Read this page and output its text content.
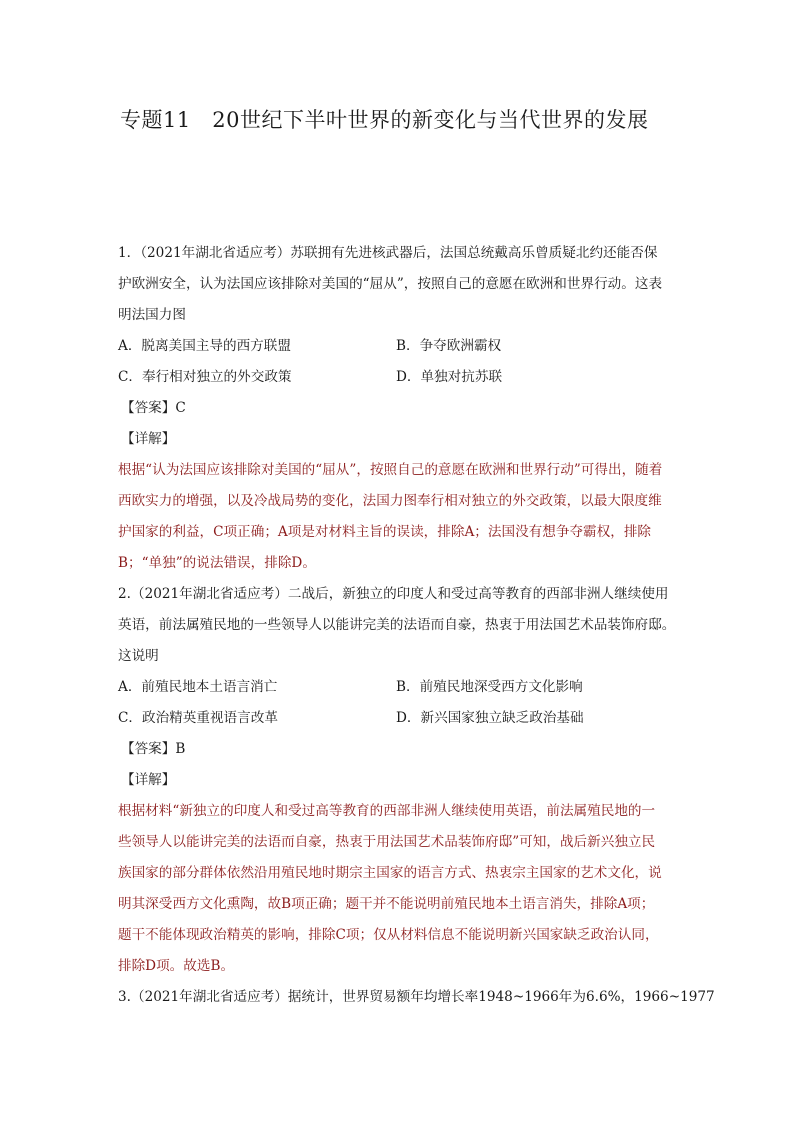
专题11　20世纪下半叶世界的新变化与当代世界的发展
1．（2021年湖北省适应考）苏联拥有先进核武器后，法国总统戴高乐曾质疑北约还能否保
护欧洲安全，认为法国应该排除对美国的“屈从”，按照自己的意愿在欧洲和世界行动。这表
明法国力图
A．脱离美国主导的西方联盟	B．争夺欧洲霸权
C．奉行相对独立的外交政策	D．单独对抗苏联
【答案】C
【详解】
根据“认为法国应该排除对美国的“屈从”，按照自己的意愿在欧洲和世界行动”可得出，随着
西欧实力的增强，以及冷战局势的变化，法国力图奉行相对独立的外交政策，以最大限度维
护国家的利益，C项正确；A项是对材料主旨的误读，排除A；法国没有想争夺霸权，排除
B；“单独”的说法错误，排除D。
2.（2021年湖北省适应考）二战后，新独立的印度人和受过高等教育的西部非洲人继续使用
英语，前法属殖民地的一些领导人以能讲完美的法语而自豪，热衷于用法国艺术品装饰府邸。
这说明
A．前殖民地本土语言消亡	B．前殖民地深受西方文化影响
C．政治精英重视语言改革	D．新兴国家独立缺乏政治基础
【答案】B
【详解】
根据材料“新独立的印度人和受过高等教育的西部非洲人继续使用英语，前法属殖民地的一
些领导人以能讲完美的法语而自豪，热衷于用法国艺术品装饰府邸”可知，战后新兴独立民
族国家的部分群体依然沿用殖民地时期宗主国家的语言方式、热衷宗主国家的艺术文化，说
明其深受西方文化熏陶，故B项正确；题干并不能说明前殖民地本土语言消失，排除A项；
题干不能体现政治精英的影响，排除C项；仅从材料信息不能说明新兴国家缺乏政治认同，
排除D项。故选B。
3.（2021年湖北省适应考）据统计，世界贸易额年均增长率1948~1966年为6.6%，1966~1977
